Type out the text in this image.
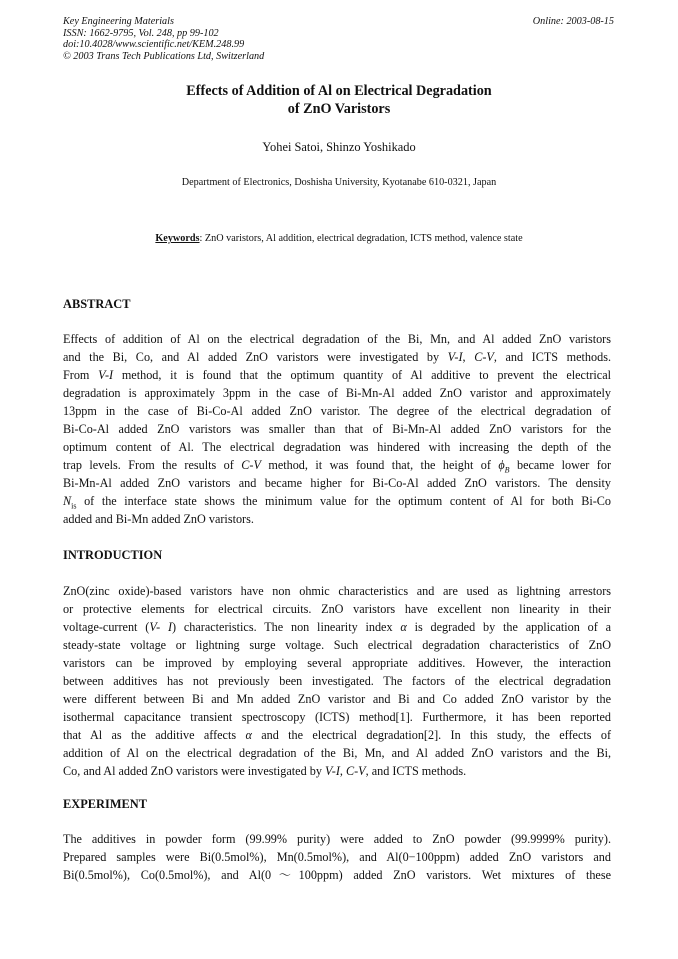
Key Engineering Materials
ISSN: 1662-9795, Vol. 248, pp 99-102
doi:10.4028/www.scientific.net/KEM.248.99
© 2003 Trans Tech Publications Ltd, Switzerland
Online: 2003-08-15
Effects of Addition of Al on Electrical Degradation
of ZnO Varistors
Yohei Satoi, Shinzo Yoshikado
Department of Electronics, Doshisha University, Kyotanabe 610-0321, Japan
Keywords: ZnO varistors, Al addition, electrical degradation, ICTS method, valence state
ABSTRACT
Effects of addition of Al on the electrical degradation of the Bi, Mn, and Al added ZnO varistors
and the Bi, Co, and Al added ZnO varistors were investigated by V-I, C-V, and ICTS methods.
From V-I method, it is found that the optimum quantity of Al additive to prevent the electrical
degradation is approximately 3ppm in the case of Bi-Mn-Al added ZnO varistor and approximately
13ppm in the case of Bi-Co-Al added ZnO varistor. The degree of the electrical degradation of
Bi-Co-Al added ZnO varistors was smaller than that of Bi-Mn-Al added ZnO varistors for the
optimum content of Al. The electrical degradation was hindered with increasing the depth of the
trap levels. From the results of C-V method, it was found that, the height of $\phi_B$ became lower for
Bi-Mn-Al added ZnO varistors and became higher for Bi-Co-Al added ZnO varistors. The density
$N_{is}$ of the interface state shows the minimum value for the optimum content of Al for both Bi-Co
added and Bi-Mn added ZnO varistors.
INTRODUCTION
ZnO(zinc oxide)-based varistors have non ohmic characteristics and are used as lightning arrestors
or protective elements for electrical circuits. ZnO varistors have excellent non linearity in their
voltage-current (V- I) characteristics. The non linearity index α is degraded by the application of a
steady-state voltage or lightning surge voltage. Such electrical degradation characteristics of ZnO
varistors can be improved by employing several appropriate additives. However, the interaction
between additives has not previously been investigated. The factors of the electrical degradation
were different between Bi and Mn added ZnO varistor and Bi and Co added ZnO varistor by the
isothermal capacitance transient spectroscopy (ICTS) method[1]. Furthermore, it has been reported
that Al as the additive affects α and the electrical degradation[2]. In this study, the effects of
addition of Al on the electrical degradation of the Bi, Mn, and Al added ZnO varistors and the Bi,
Co, and Al added ZnO varistors were investigated by V-I, C-V, and ICTS methods.
EXPERIMENT
The additives in powder form (99.99% purity) were added to ZnO powder (99.9999% purity).
Prepared samples were Bi(0.5mol%), Mn(0.5mol%), and Al(0−100ppm) added ZnO varistors and
Bi(0.5mol%), Co(0.5mol%), and Al(0～100ppm) added ZnO varistors. Wet mixtures of these
